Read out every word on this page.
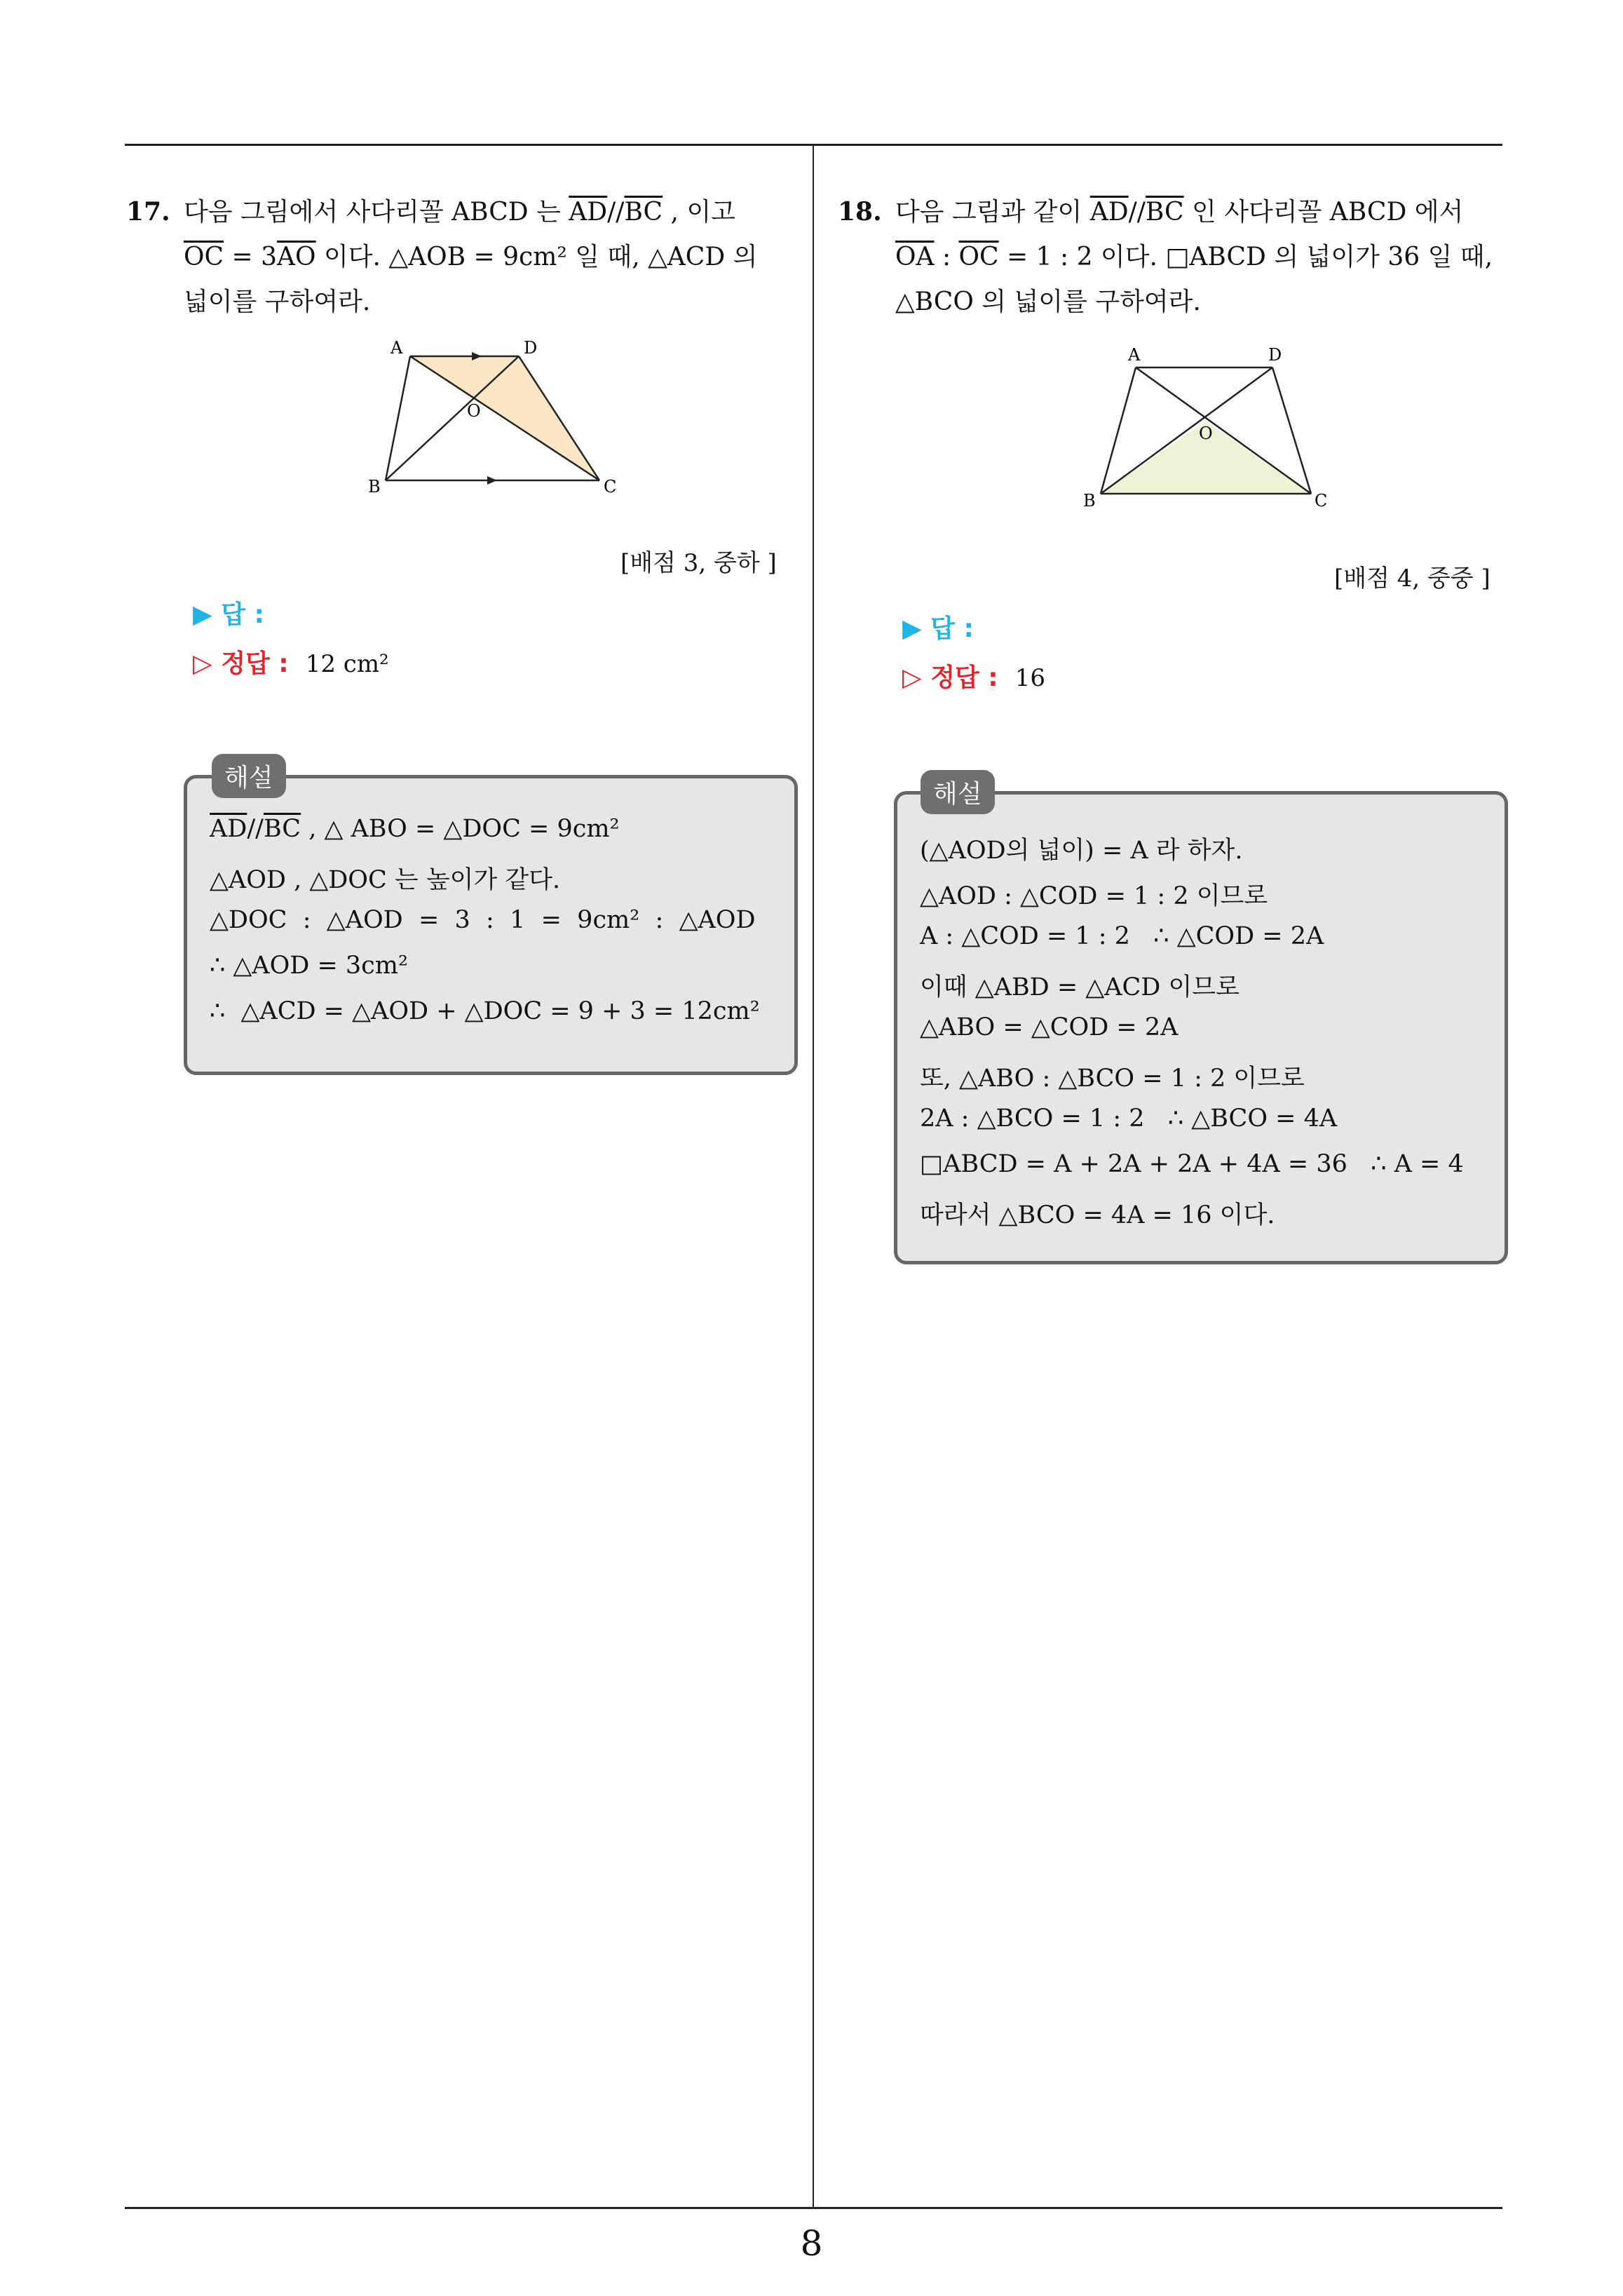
17. 다음 그림에서 사다리꼴 ABCD 는 $\overline{AD}//\overline{BC}$ , 이고
$\overline{OC} = 3\overline{AO}$ 이다. △AOB = 9cm² 일 때, △ACD 의
넓이를 구하여라.
A	D
O
B	C
[배점 3, 중하 ]
▶ 답 :
▷ 정답 : 12 cm²
$\overline{AD}//\overline{BC}$ , △ ABO = △DOC = 9cm²
△AOD , △DOC 는 높이가 같다.
△DOC  :  △AOD  =  3  :  1  =  9cm²  :  △AOD
∴ △AOD = 3cm²
∴  △ACD = △AOD + △DOC = 9 + 3 = 12cm²
해설
18. 다음 그림과 같이 $\overline{AD}//\overline{BC}$ 인 사다리꼴 ABCD 에서
$\overline{OA}$ : $\overline{OC} = 1$ : 2 이다. □ABCD 의 넓이가 36 일 때,
△BCO 의 넓이를 구하여라.
A	D
O
B	C
[배점 4, 중중 ]
▶ 답 :
▷ 정답 : 16
(△AOD의 넓이) = A 라 하자.
△AOD : △COD = 1 : 2 이므로
A : △COD = 1 : 2   ∴ △COD = 2A
이때 △ABD = △ACD 이므로
△ABO = △COD = 2A
또, △ABO : △BCO = 1 : 2 이므로
2A : △BCO = 1 : 2   ∴ △BCO = 4A
□ABCD = A + 2A + 2A + 4A = 36   ∴ A = 4
따라서 △BCO = 4A = 16 이다.
해설
8
